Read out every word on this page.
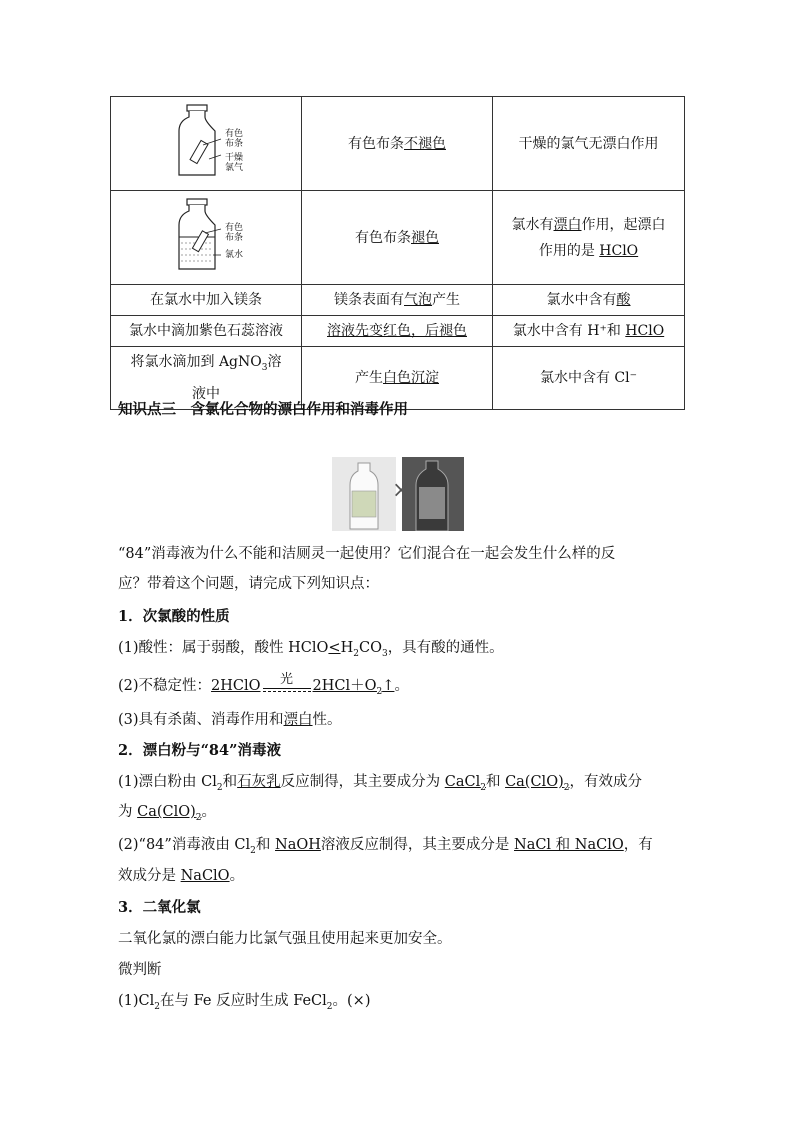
有色
布条
干燥
氯气	有色布条不褪色	干燥的氯气无漂白作用

有色
布条
氯水	有色布条褪色	氯水有漂白作用，起漂白
作用的是 HClO
在氯水中加入镁条	镁条表面有气泡产生	氯水中含有酸
氯水中滴加紫色石蕊溶液	溶液先变红色，后褪色	氯水中含有 H⁺和 HClO
将氯水滴加到 AgNO$_3$溶
液中	产生白色沉淀	氯水中含有 Cl⁻
知识点三　含氯化合物的漂白作用和消毒作用
×
“84”消毒液为什么不能和洁厕灵一起使用？它们混合在一起会发生什么样的反
应？带着这个问题，请完成下列知识点：
1．次氯酸的性质
(1)酸性：属于弱酸，酸性 $HClO<H_2CO_3$，具有酸的通性。
(2)不稳定性：2HClO	光	$2HCl+O_2↑$。
(3)具有杀菌、消毒作用和漂白性。
2．漂白粉与“84”消毒液
(1)漂白粉由 $Cl_2$和石灰乳反应制得，其主要成分为 CaCl$_2$和 $Ca(ClO)_2$，有效成分
为 $Ca(ClO)_2$。
(2)“84”消毒液由 $Cl_2$和 NaOH溶液反应制得，其主要成分是 NaCl 和 NaClO，有
效成分是 NaClO。
3．二氧化氯
二氧化氯的漂白能力比氯气强且使用起来更加安全。
微判断
$(1)Cl_2$在与 Fe 反应时生成 FeCl$_2$。(×)
